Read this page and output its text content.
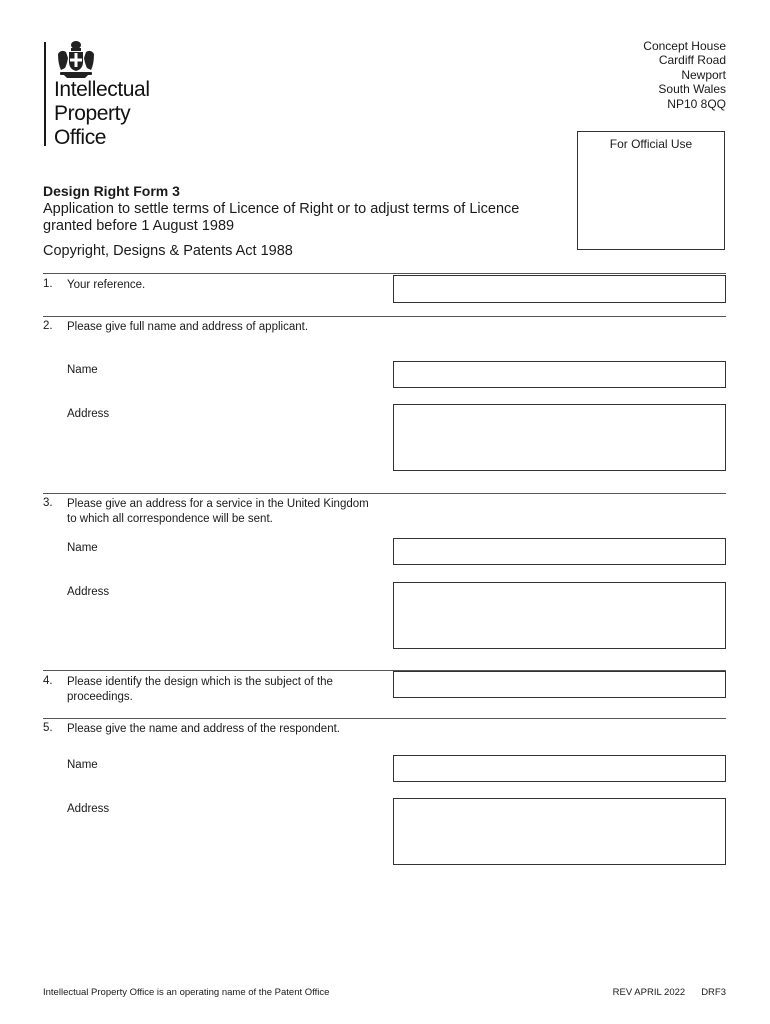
Intellectual
Property
Office
Concept House
Cardiff Road
Newport
South Wales
NP10 8QQ
For Official Use
Design Right Form 3
Application to settle terms of Licence of Right or to adjust terms of Licence granted before 1 August 1989
Copyright, Designs & Patents Act 1988
1. Your reference.
2. Please give full name and address of applicant.
Name
Address
3. Please give an address for a service in the United Kingdom to which all correspondence will be sent.
Name
Address
4. Please identify the design which is the subject of the proceedings.
5. Please give the name and address of the respondent.
Name
Address
Intellectual Property Office is an operating name of the Patent Office	REV APRIL 2022 DRF3
